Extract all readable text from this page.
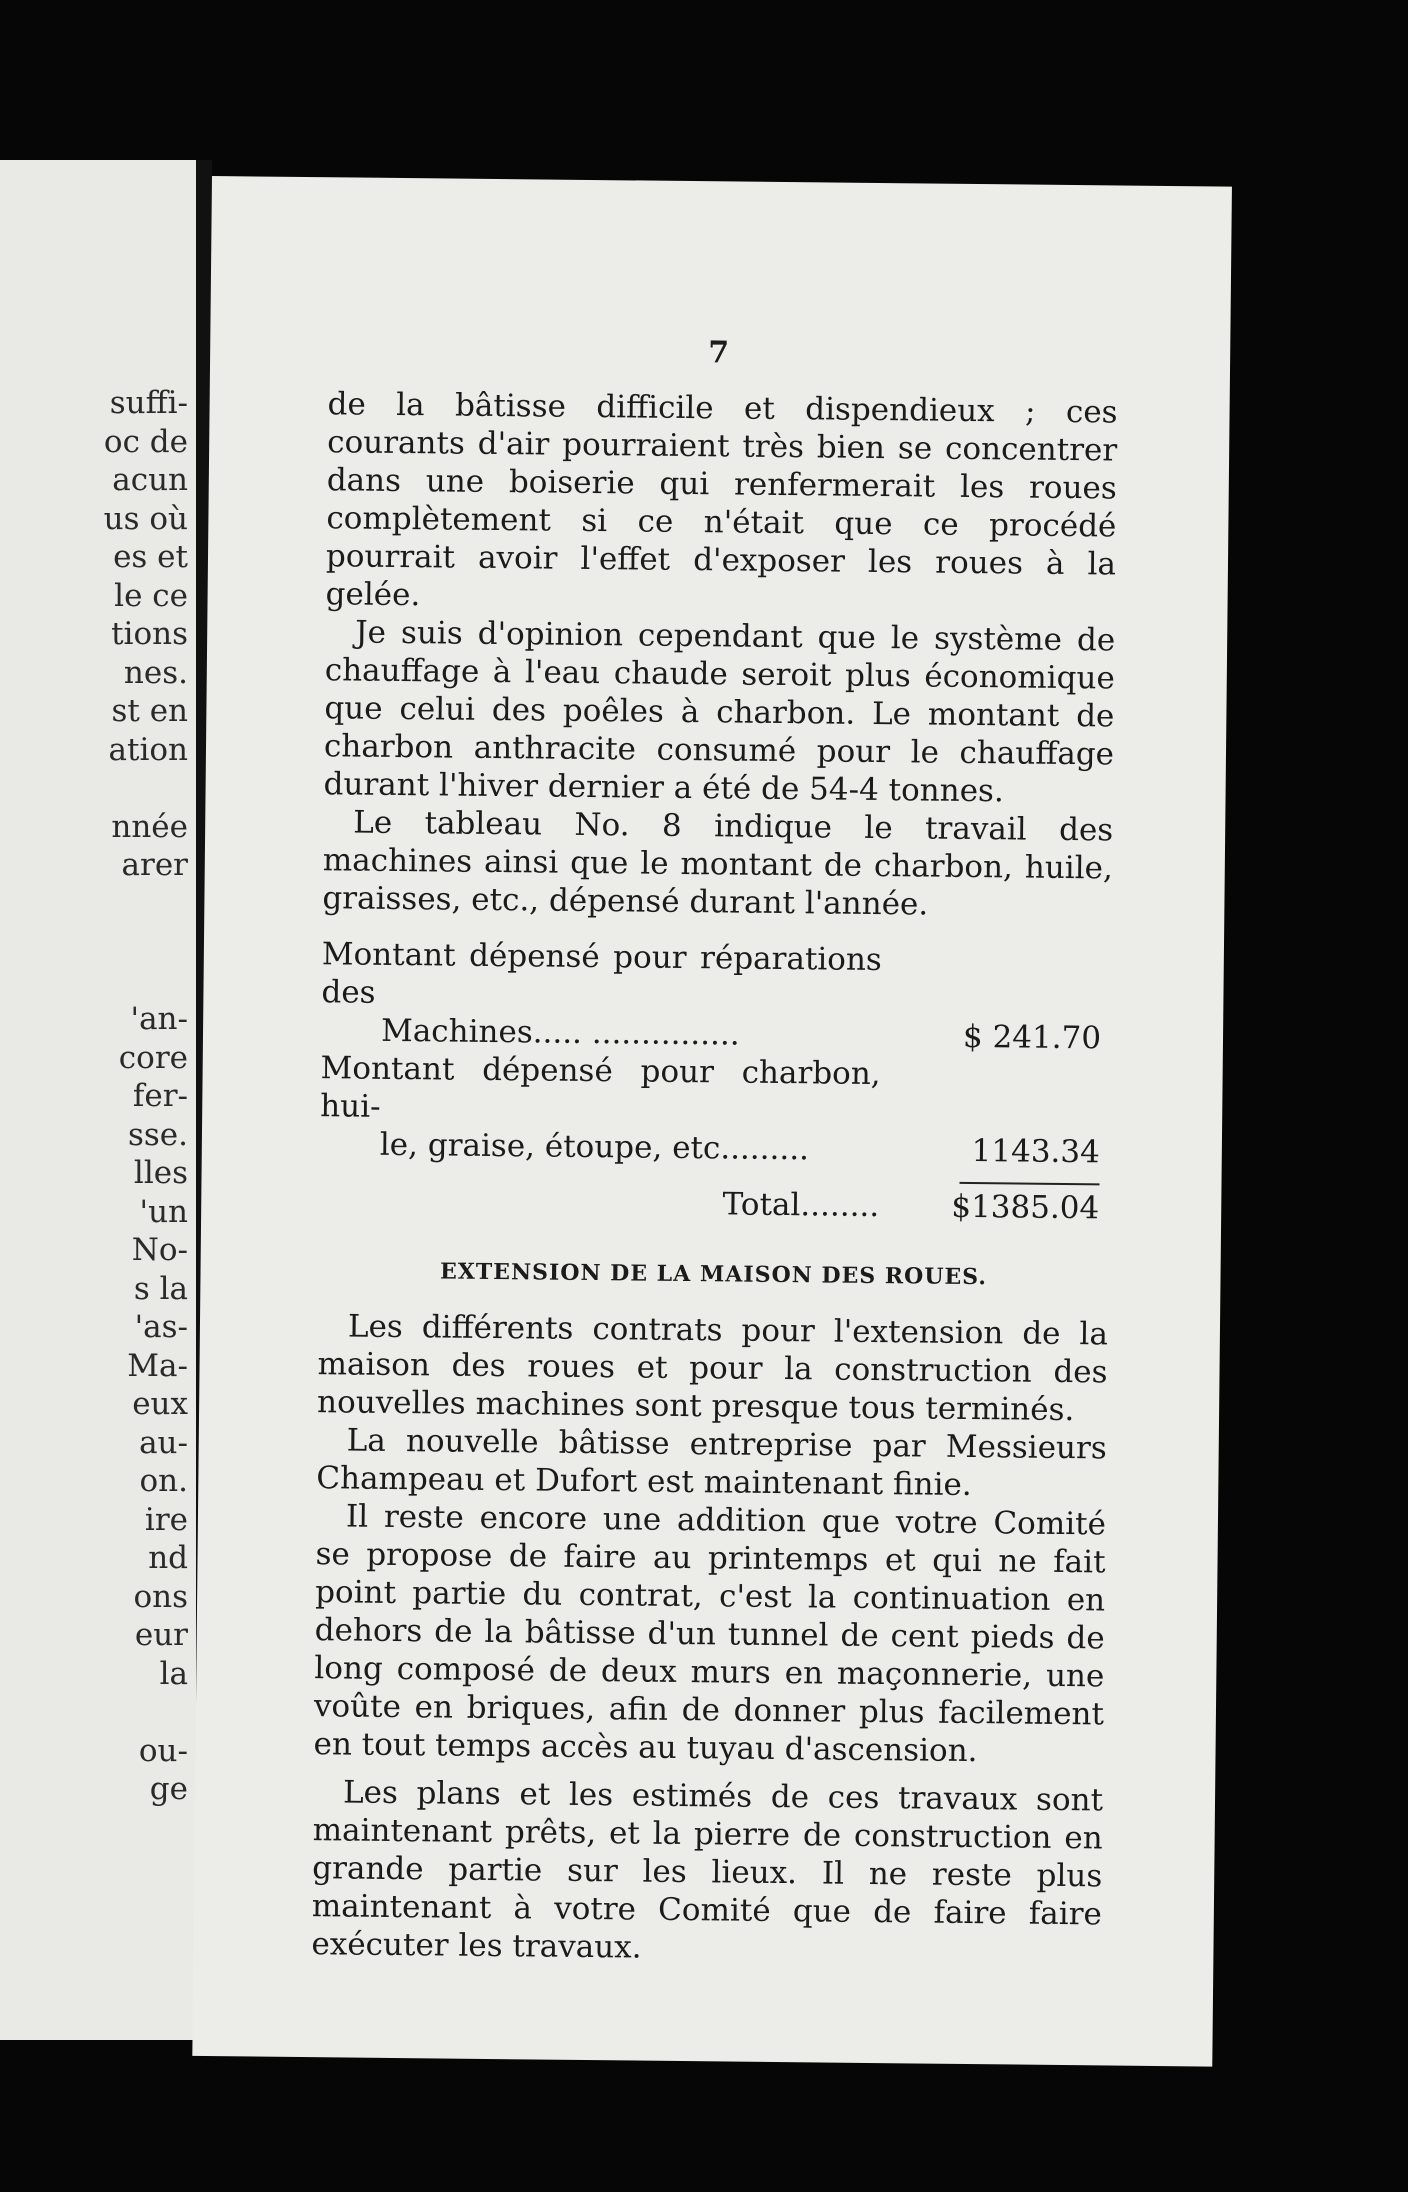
suffi-
oc de
acun
us où
es et
le ce
tions
nes.
st en
ation
nnée
arer
'an-
core
fer-
sse.
lles
'un
No-
s la
'as-
Ma-
eux
au-
on.
ire
nd
ons
eur
la
ou-
ge
7

de la bâtisse difficile et dispendieux ; ces courants d'air pourraient très bien se concentrer dans une boiserie qui renfermerait les roues complètement si ce n'était que ce procédé pourrait avoir l'effet d'exposer les roues à la gelée.

Je suis d'opinion cependant que le système de chauffage à l'eau chaude seroit plus économique que celui des poêles à charbon. Le montant de charbon anthracite consumé pour le chauffage durant l'hiver dernier a été de 54-4 tonnes.

Le tableau No. 8 indique le travail des machines ainsi que le montant de charbon, huile, graisses, etc., dépensé durant l'année.

Montant dépensé pour réparations des
Machines..... ...............	$ 241.70
Montant dépensé pour charbon, hui-
le, graise, étoupe, etc.........	1143.34
Total........	$1385.04
EXTENSION DE LA MAISON DES ROUES.

Les différents contrats pour l'extension de la maison des roues et pour la construction des nouvelles machines sont presque tous terminés.

La nouvelle bâtisse entreprise par Messieurs Champeau et Dufort est maintenant finie.

Il reste encore une addition que votre Comité se propose de faire au printemps et qui ne fait point partie du contrat, c'est la continuation en dehors de la bâtisse d'un tunnel de cent pieds de long composé de deux murs en maçonnerie, une voûte en briques, afin de donner plus facilement en tout temps accès au tuyau d'ascension.

Les plans et les estimés de ces travaux sont maintenant prêts, et la pierre de construction en grande partie sur les lieux. Il ne reste plus maintenant à votre Comité que de faire faire exécuter les travaux.
